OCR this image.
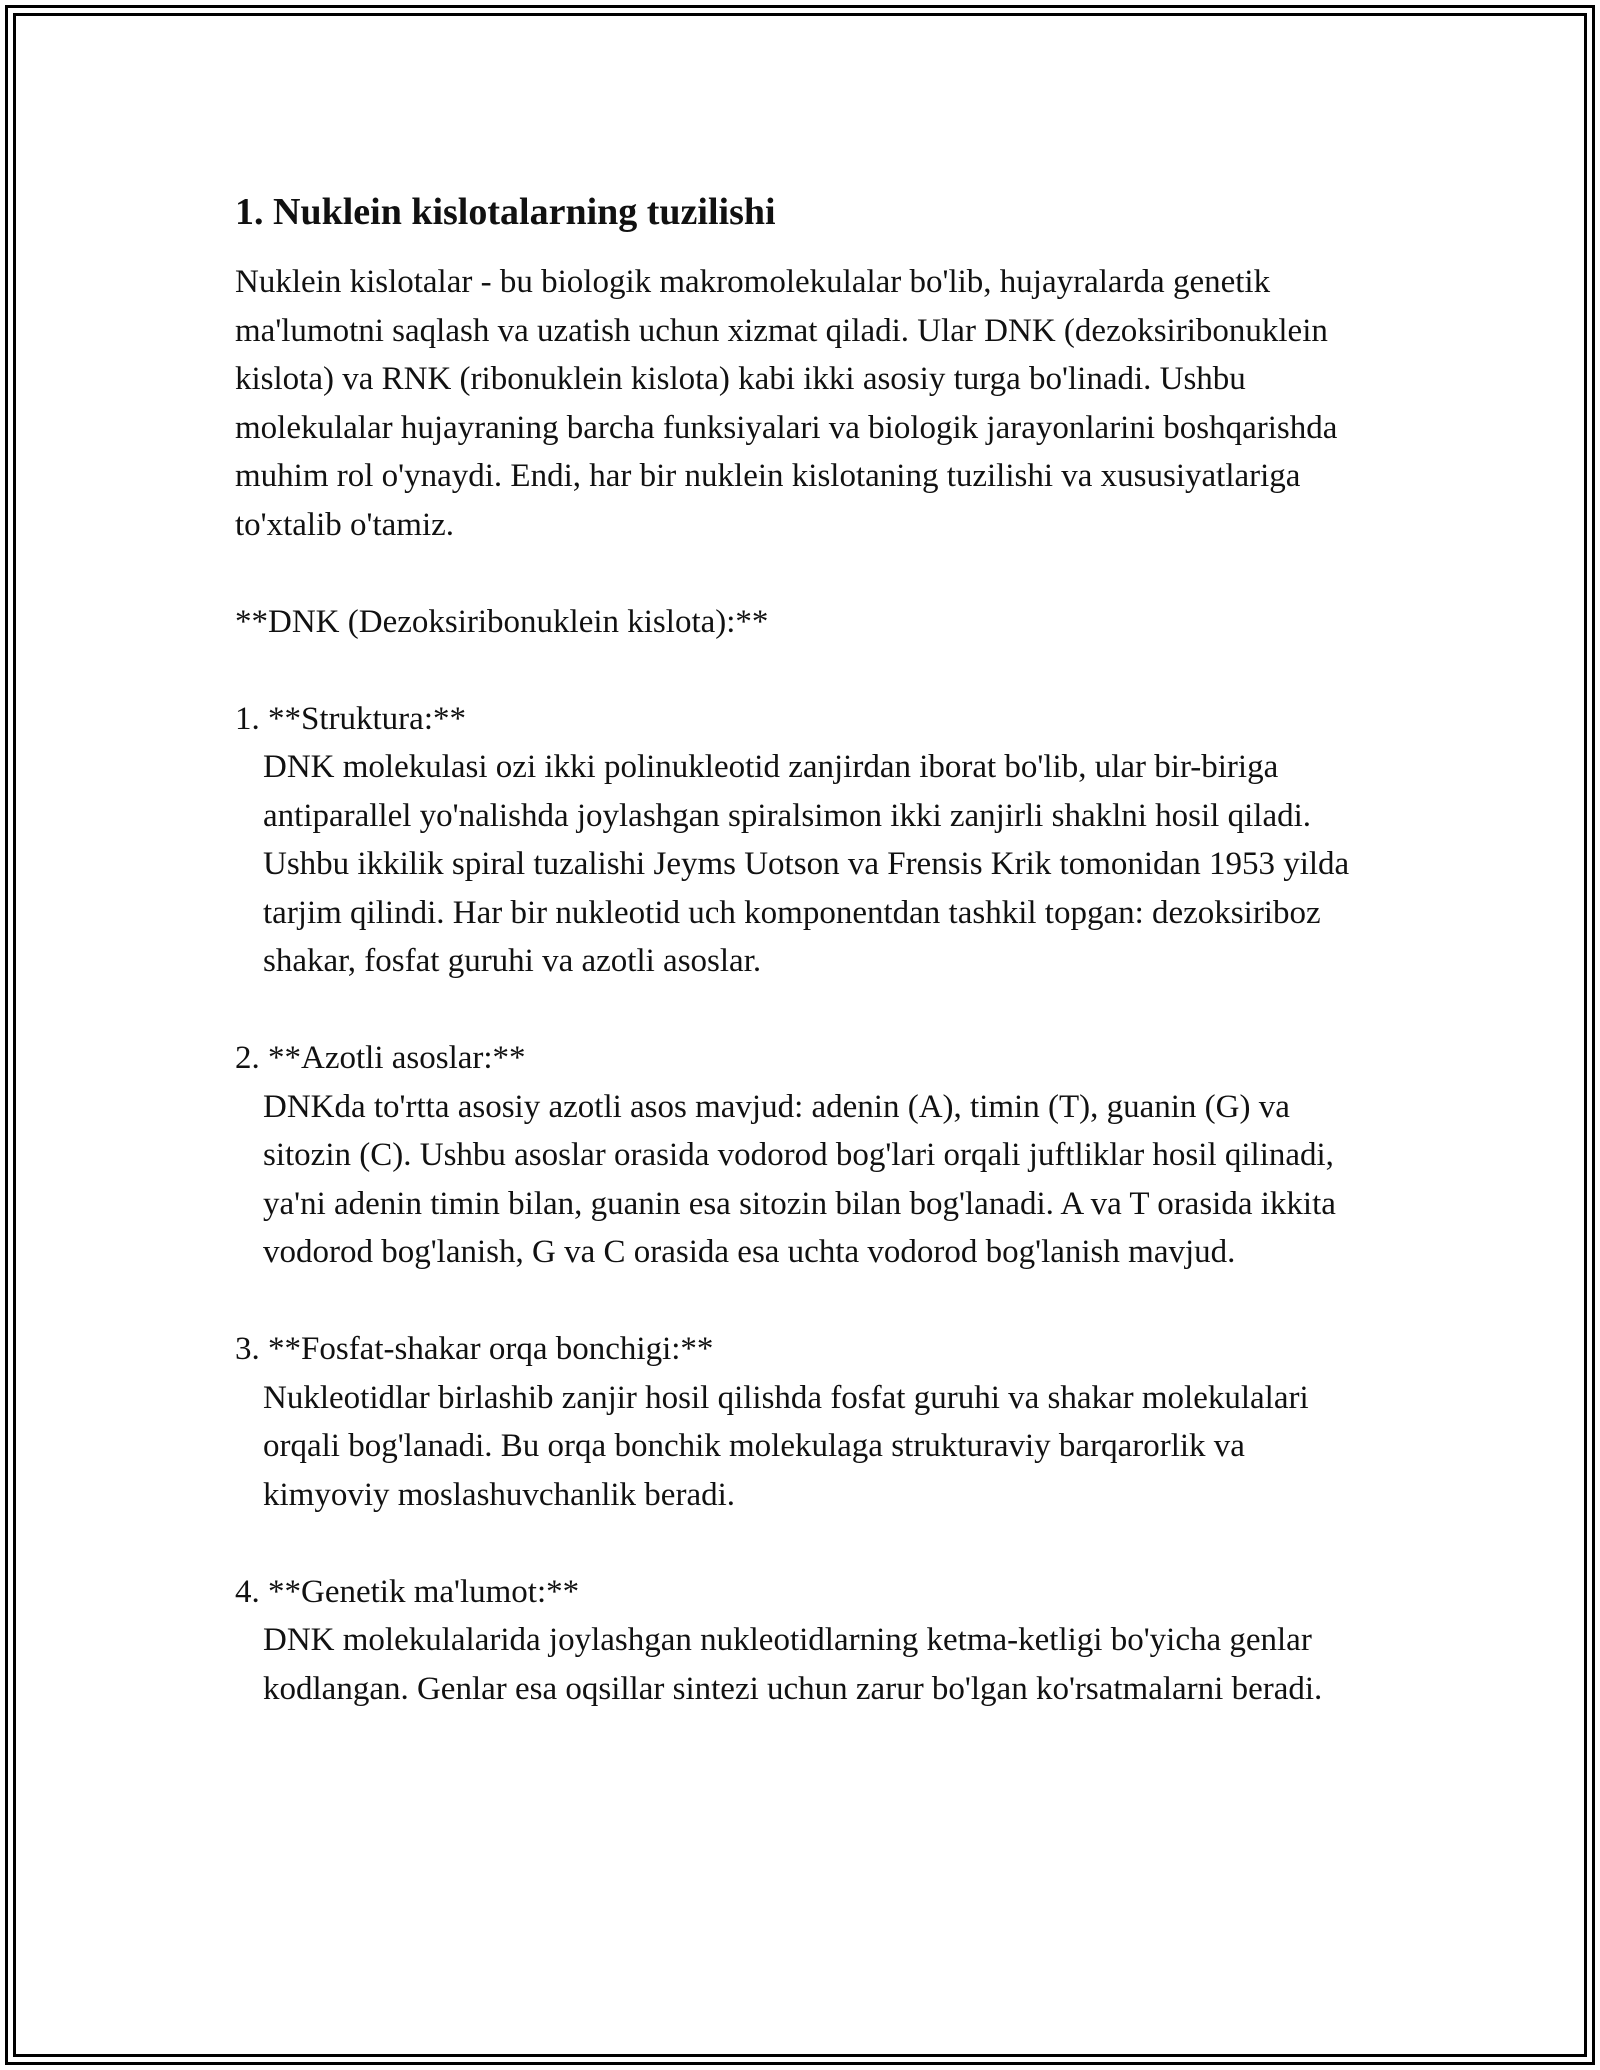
1. Nuklein kislotalarning tuzilishi

Nuklein kislotalar - bu biologik makromolekulalar bo'lib, hujayralarda genetik ma'lumotni saqlash va uzatish uchun xizmat qiladi. Ular DNK (dezoksiribonuklein kislota) va RNK (ribonuklein kislota) kabi ikki asosiy turga bo'linadi. Ushbu molekulalar hujayraning barcha funksiyalari va biologik jarayonlarini boshqarishda muhim rol o'ynaydi. Endi, har bir nuklein kislotaning tuzilishi va xususiyatlariga to'xtalib o'tamiz.

**DNK (Dezoksiribonuklein kislota):**

1. **Struktura:**

DNK molekulasi ozi ikki polinukleotid zanjirdan iborat bo'lib, ular bir-biriga antiparallel yo'nalishda joylashgan spiralsimon ikki zanjirli shaklni hosil qiladi. Ushbu ikkilik spiral tuzalishi Jeyms Uotson va Frensis Krik tomonidan 1953 yilda tarjim qilindi. Har bir nukleotid uch komponentdan tashkil topgan: dezoksiriboz shakar, fosfat guruhi va azotli asoslar.

2. **Azotli asoslar:**

DNKda to'rtta asosiy azotli asos mavjud: adenin (A), timin (T), guanin (G) va sitozin (C). Ushbu asoslar orasida vodorod bog'lari orqali juftliklar hosil qilinadi, ya'ni adenin timin bilan, guanin esa sitozin bilan bog'lanadi. A va T orasida ikkita vodorod bog'lanish, G va C orasida esa uchta vodorod bog'lanish mavjud.

3. **Fosfat-shakar orqa bonchigi:**

Nukleotidlar birlashib zanjir hosil qilishda fosfat guruhi va shakar molekulalari orqali bog'lanadi. Bu orqa bonchik molekulaga strukturaviy barqarorlik va kimyoviy moslashuvchanlik beradi.

4. **Genetik ma'lumot:**

DNK molekulalarida joylashgan nukleotidlarning ketma-ketligi bo'yicha genlar kodlangan. Genlar esa oqsillar sintezi uchun zarur bo'lgan ko'rsatmalarni beradi.
